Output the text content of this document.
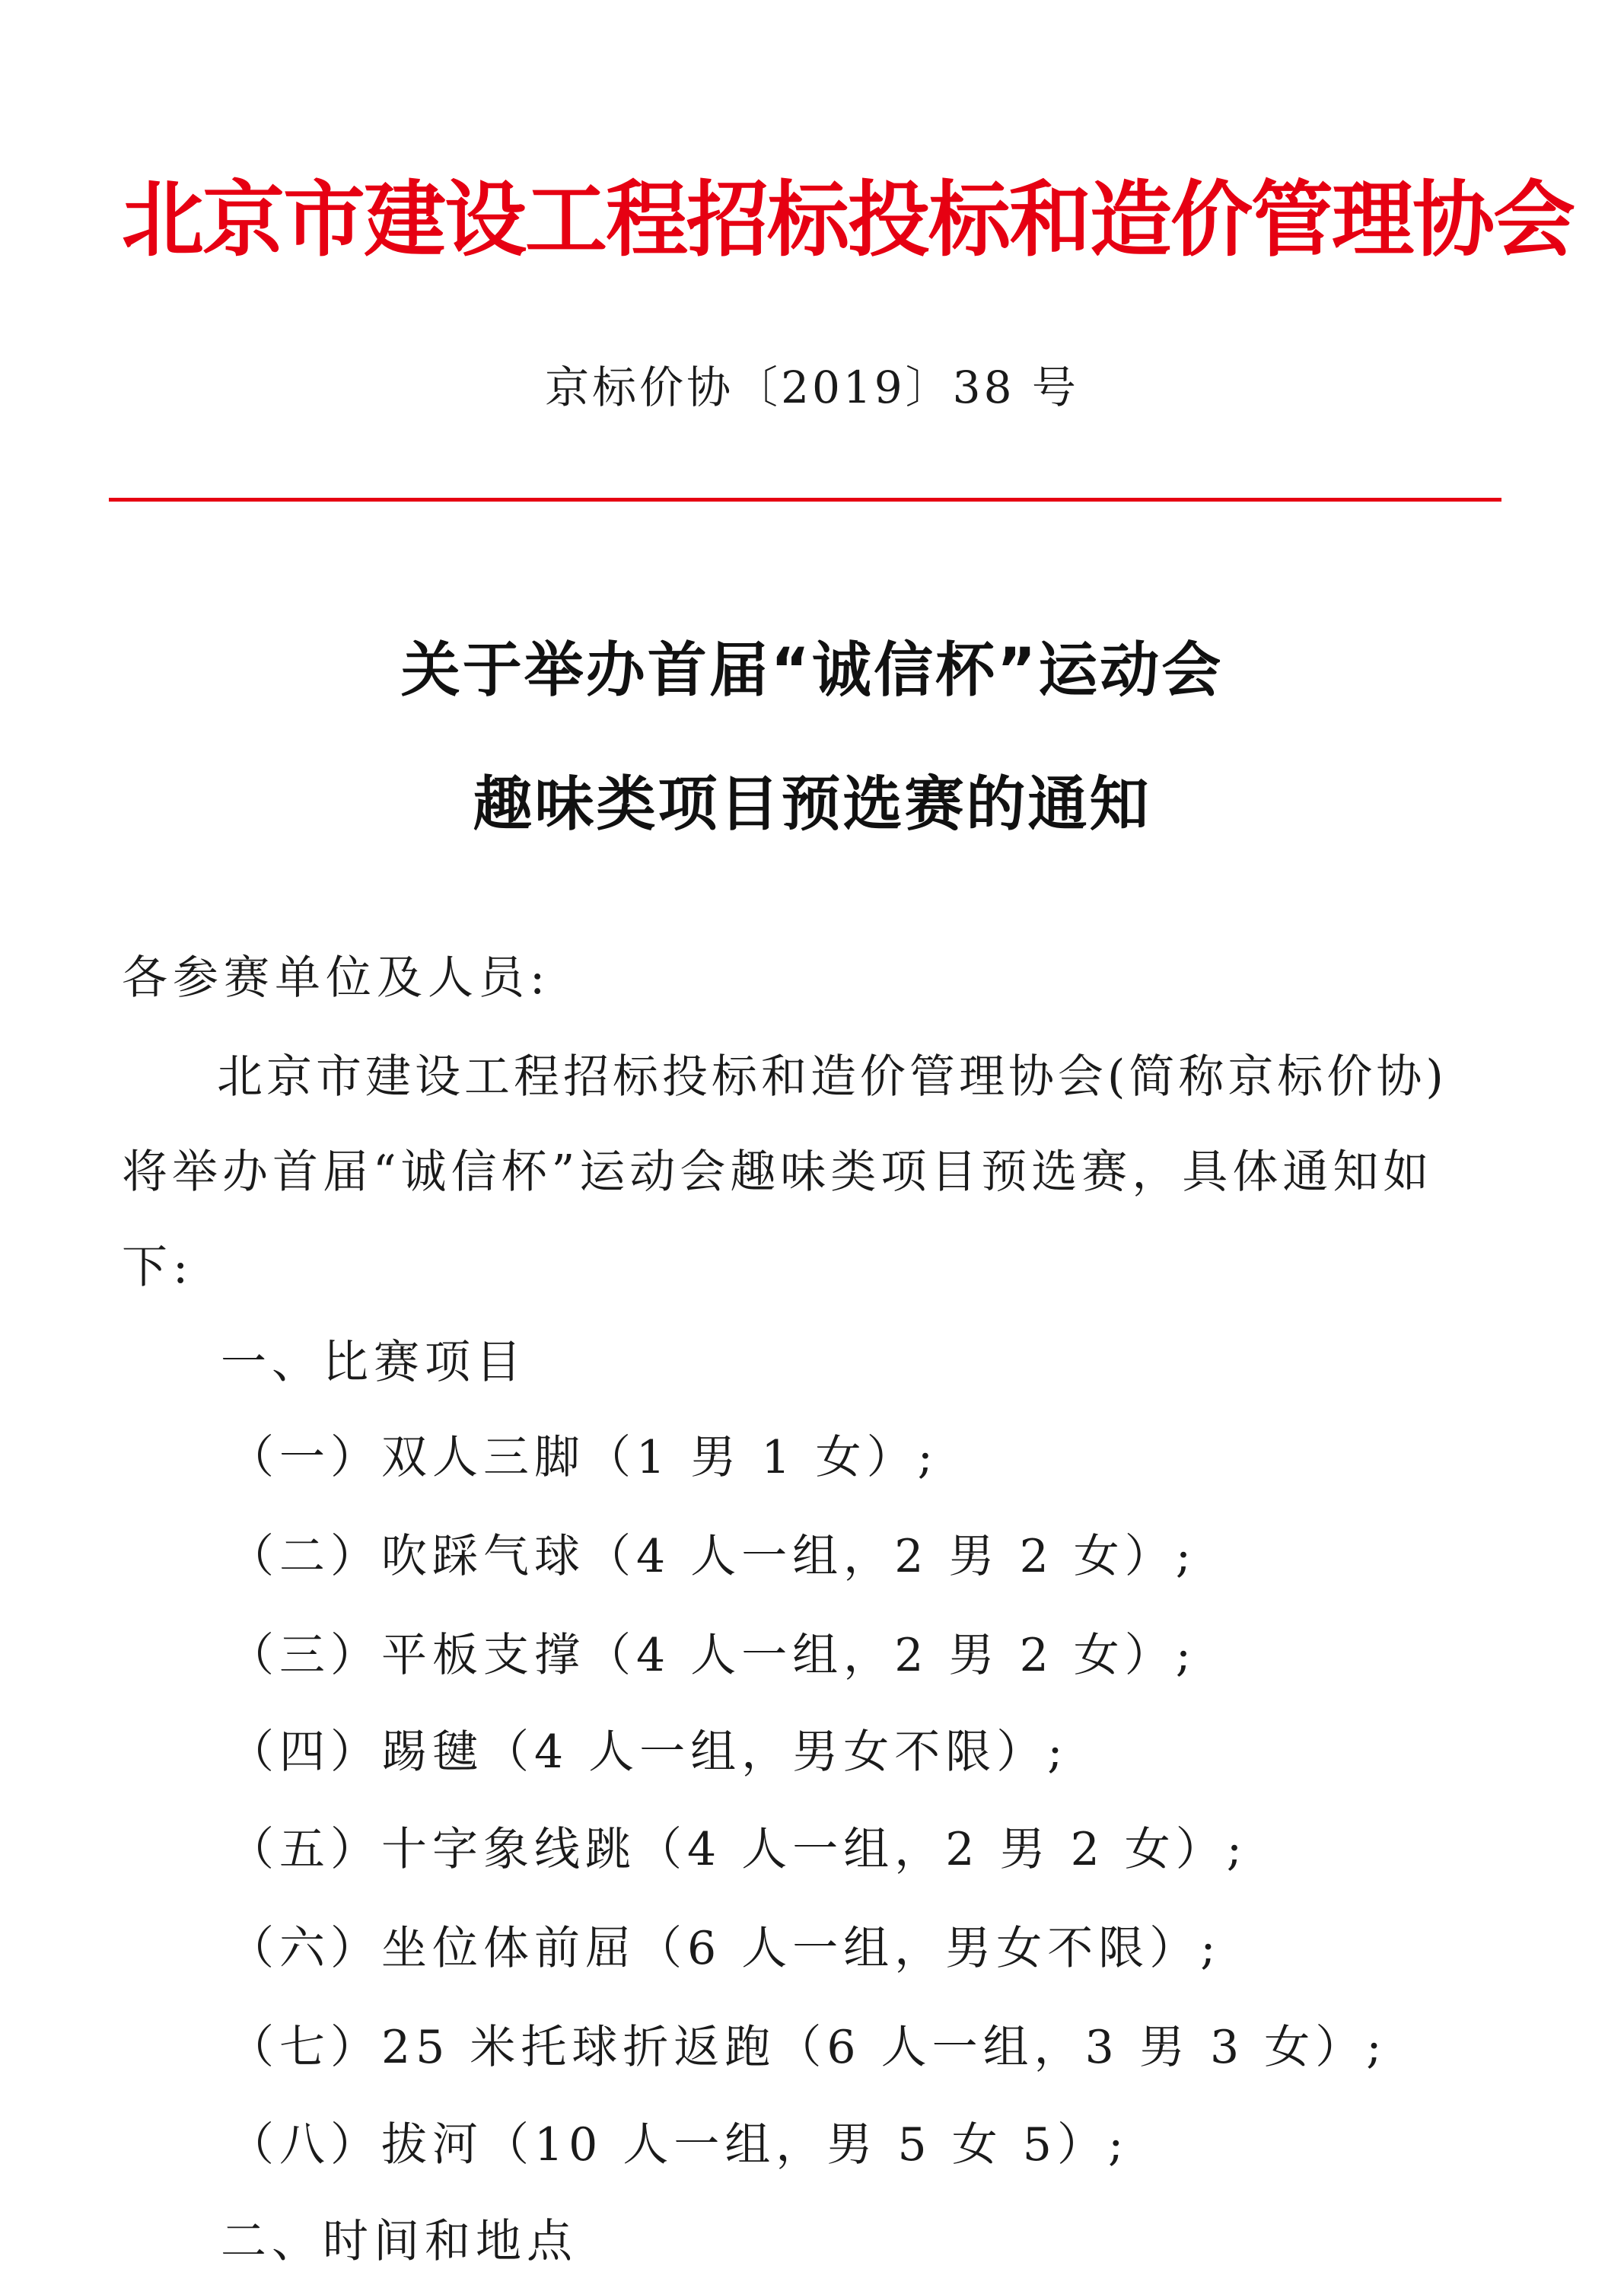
北京市建设工程招标投标和造价管理协会
京标价协〔2019〕38 号
关于举办首届“诚信杯”运动会
趣味类项目预选赛的通知
各参赛单位及人员:
北京市建设工程招标投标和造价管理协会(简称京标价协)
将举办首届“诚信杯”运动会趣味类项目预选赛，具体通知如
下:
一、比赛项目
（一）双人三脚（1 男 1 女）;
（二）吹踩气球（4 人一组，2 男 2 女）;
（三）平板支撑（4 人一组，2 男 2 女）;
（四）踢毽（4 人一组，男女不限）;
（五）十字象线跳（4 人一组，2 男 2 女）;
（六）坐位体前屈（6 人一组，男女不限）;
（七）25 米托球折返跑（6 人一组，3 男 3 女）;
（八）拔河（10 人一组，男 5 女 5）;
二、时间和地点
